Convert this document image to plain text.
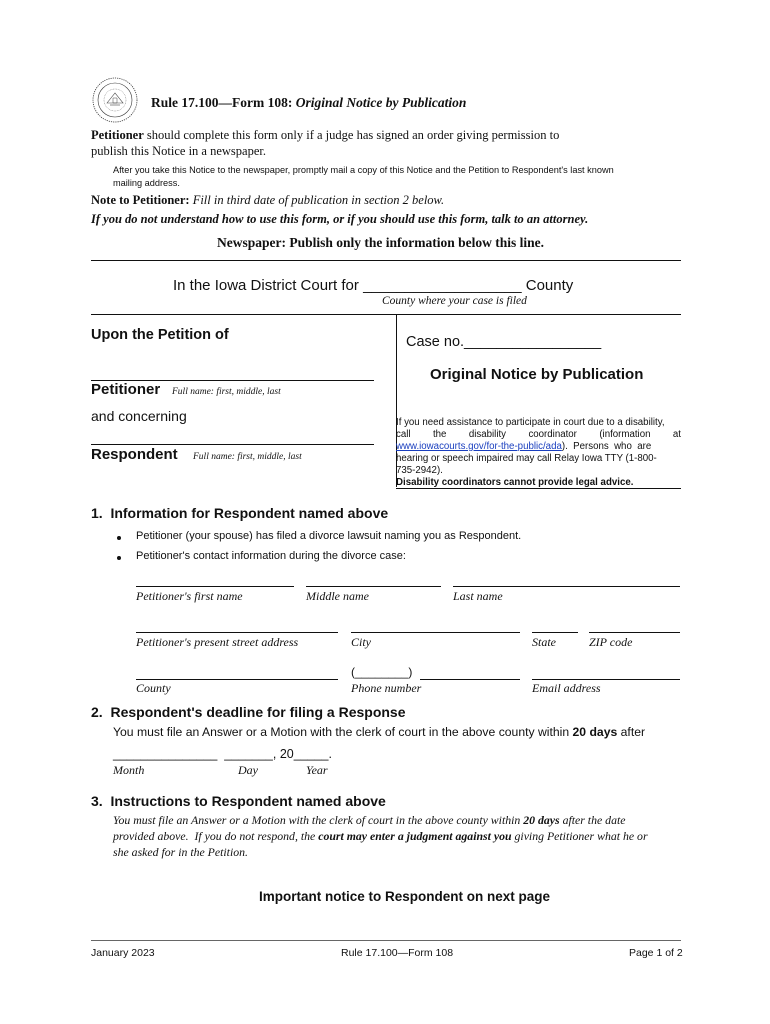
Rule 17.100—Form 108: Original Notice by Publication
Petitioner should complete this form only if a judge has signed an order giving permission to
publish this Notice in a newspaper.
After you take this Notice to the newspaper, promptly mail a copy of this Notice and the Petition to Respondent's last known
mailing address.
Note to Petitioner: Fill in third date of publication in section 2 below.
If you do not understand how to use this form, or if you should use this form, talk to an attorney.
Newspaper: Publish only the information below this line.
In the Iowa District Court for ___________________ County
County where your case is filed
Upon the Petition of
Petitioner Full name: first, middle, last
and concerning
Respondent Full name: first, middle, last
Case no._________________
Original Notice by Publication
If you need assistance to participate in court due to a disability,
call the disability coordinator (information at
www.iowacourts.gov/for-the-public/ada).  Persons  who  are
hearing or speech impaired may call Relay Iowa TTY (1-800-
735-2942).
Disability coordinators cannot provide legal advice.
1.  Information for Respondent named above
Petitioner (your spouse) has filed a divorce lawsuit naming you as Respondent.
Petitioner's contact information during the divorce case:
Petitioner's first name	Middle name	Last name
Petitioner's present street address	City	State	ZIP code
(________)
County	Phone number	Email address
2.  Respondent's deadline for filing a Response
You must file an Answer or a Motion with the clerk of court in the above county within 20 days after
_______________  _______, 20_____.
Month	Day	Year
3.  Instructions to Respondent named above
You must file an Answer or a Motion with the clerk of court in the above county within 20 days after the date
provided above.  If you do not respond, the court may enter a judgment against you giving Petitioner what he or
she asked for in the Petition.
Important notice to Respondent on next page
January 2023	Rule 17.100—Form 108	Page 1 of 2
